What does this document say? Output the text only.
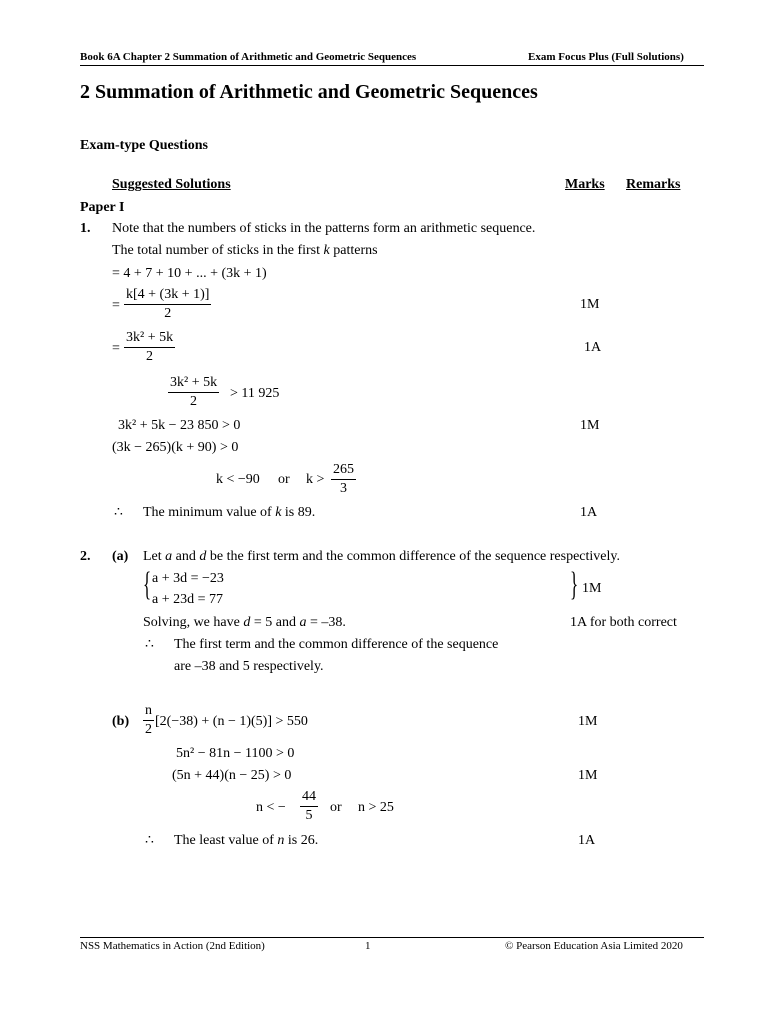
Book 6A Chapter 2 Summation of Arithmetic and Geometric Sequences	Exam Focus Plus (Full Solutions)
2 Summation of Arithmetic and Geometric Sequences
Exam-type Questions
Suggested Solutions	Marks Remarks
Paper I
1. Note that the numbers of sticks in the patterns form an arithmetic sequence.
The total number of sticks in the first k patterns
= 4 + 7 + 10 + ... + (3k + 1)
= $\frac{k[4 + (3k + 1)]}{2}$	1M
= $\frac{\text{3k² + 5k}}{2}$	1A
$\frac{\text{3k² + 5k}}{2} > 11$ 925
3k² + 5k − 23 850 > 0	1M
(3k − 265)(k + 90) > 0
k < −90 or $k > \frac{265}{3}$
∴ The minimum value of k is 89.	1A
2. (a) Let a and d be the first term and the common difference of the sequence respectively.
{ a + 3d = −23
a + 23d = 77	} 1M
Solving, we have d = 5 and a = –38.	1A for both correct
∴ The first term and the common difference of the sequence
are –38 and 5 respectively.
$(b) \frac{n}{2} [2(-38) + (n - 1)(5)] > 550$	1M
5n² − 81n − 1100 > 0
(5n + 44)(n − 25) > 0	1M
n < − $\frac{44}{5}$ or n > 25
∴ The least value of n is 26.	1A
NSS Mathematics in Action (2nd Edition)	1	© Pearson Education Asia Limited 2020
